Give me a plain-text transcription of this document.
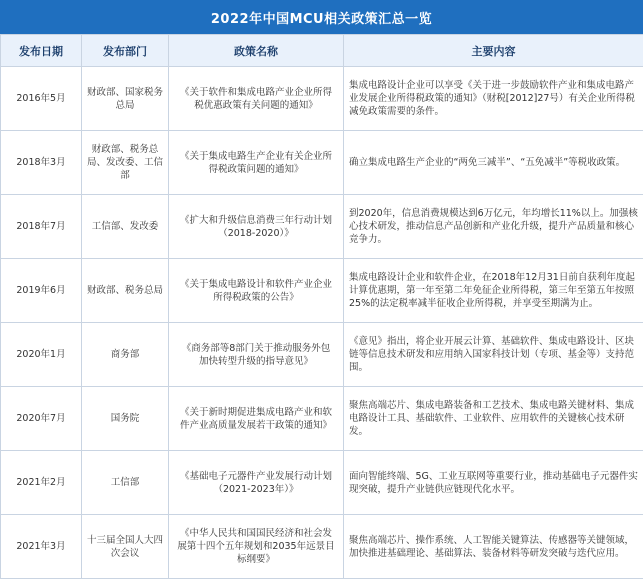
2022年中国MCU相关政策汇总一览
发布日期	发布部门	政策名称	主要内容
2016年5月	财政部、国家税务总局	《关于软件和集成电路产业企业所得税优惠政策有关问题的通知》	集成电路设计企业可以享受《关于进一步鼓励软件产业和集成电路产业发展企业所得税政策的通知》（财税[2012]27号）有关企业所得税减免政策需要的条件。
2018年3月	财政部、税务总局、发改委、工信部	《关于集成电路生产企业有关企业所得税政策问题的通知》	确立集成电路生产企业的“两免三减半”、“五免减半”等税收政策。
2018年7月	工信部、发改委	《扩大和升级信息消费三年行动计划（2018-2020）》	到2020年，信息消费规模达到6万亿元，年均增长11%以上。加强核心技术研发，推动信息产品创新和产业化升级，提升产品质量和核心竞争力。
2019年6月	财政部、税务总局	《关于集成电路设计和软件产业企业所得税政策的公告》	集成电路设计企业和软件企业，在2018年12月31日前自获利年度起计算优惠期，第一年至第二年免征企业所得税，第三年至第五年按照25%的法定税率减半征收企业所得税，并享受至期满为止。
2020年1月	商务部	《商务部等8部门关于推动服务外包加快转型升级的指导意见》	《意见》指出，将企业开展云计算、基础软件、集成电路设计、区块链等信息技术研发和应用纳入国家科技计划（专项、基金等）支持范围。
2020年7月	国务院	《关于新时期促进集成电路产业和软件产业高质量发展若干政策的通知》	聚焦高端芯片、集成电路装备和工艺技术、集成电路关键材料、集成电路设计工具、基础软件、工业软件、应用软件的关键核心技术研发。
2021年2月	工信部	《基础电子元器件产业发展行动计划（2021-2023年）》	面向智能终端、5G、工业互联网等重要行业，推动基础电子元器件实现突破，提升产业链供应链现代化水平。
2021年3月	十三届全国人大四次会议	《中华人民共和国国民经济和社会发展第十四个五年规划和2035年远景目标纲要》	聚焦高端芯片、操作系统、人工智能关键算法、传感器等关键领域，加快推进基础理论、基础算法、装备材料等研发突破与迭代应用。
